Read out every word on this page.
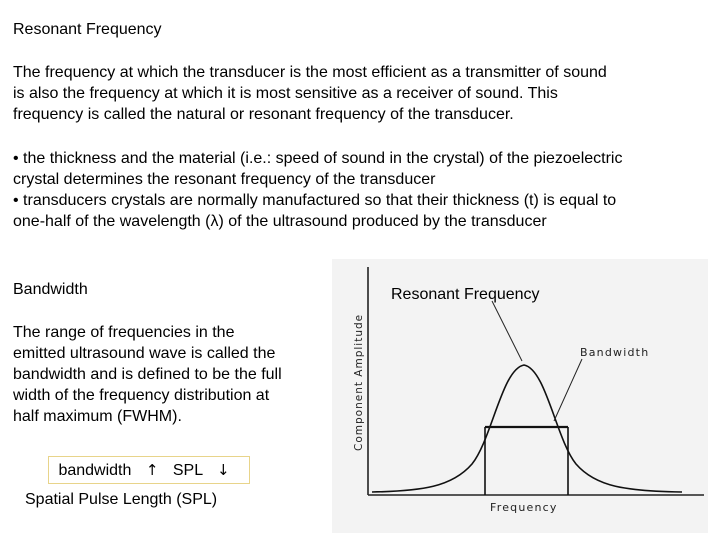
Resonant Frequency
The frequency at which the transducer is the most efficient as a transmitter of sound
is also the frequency at which it is most sensitive as a receiver of sound. This
frequency is called the natural or resonant frequency of the transducer.
• the thickness and the material (i.e.: speed of sound in the crystal) of the piezoelectric
crystal determines the resonant frequency of the transducer
• transducers crystals are normally manufactured so that their thickness (t) is equal to
one-half of the wavelength (λ) of the ultrasound produced by the transducer
Bandwidth
The range of frequencies in the
emitted ultrasound wave is called the
bandwidth and is defined to be the full
width of the frequency distribution at
half maximum (FWHM).
bandwidth ↑ SPL ↓
Spatial Pulse Length (SPL)
Bandwidth
Frequency
Component Amplitude
Resonant Frequency
